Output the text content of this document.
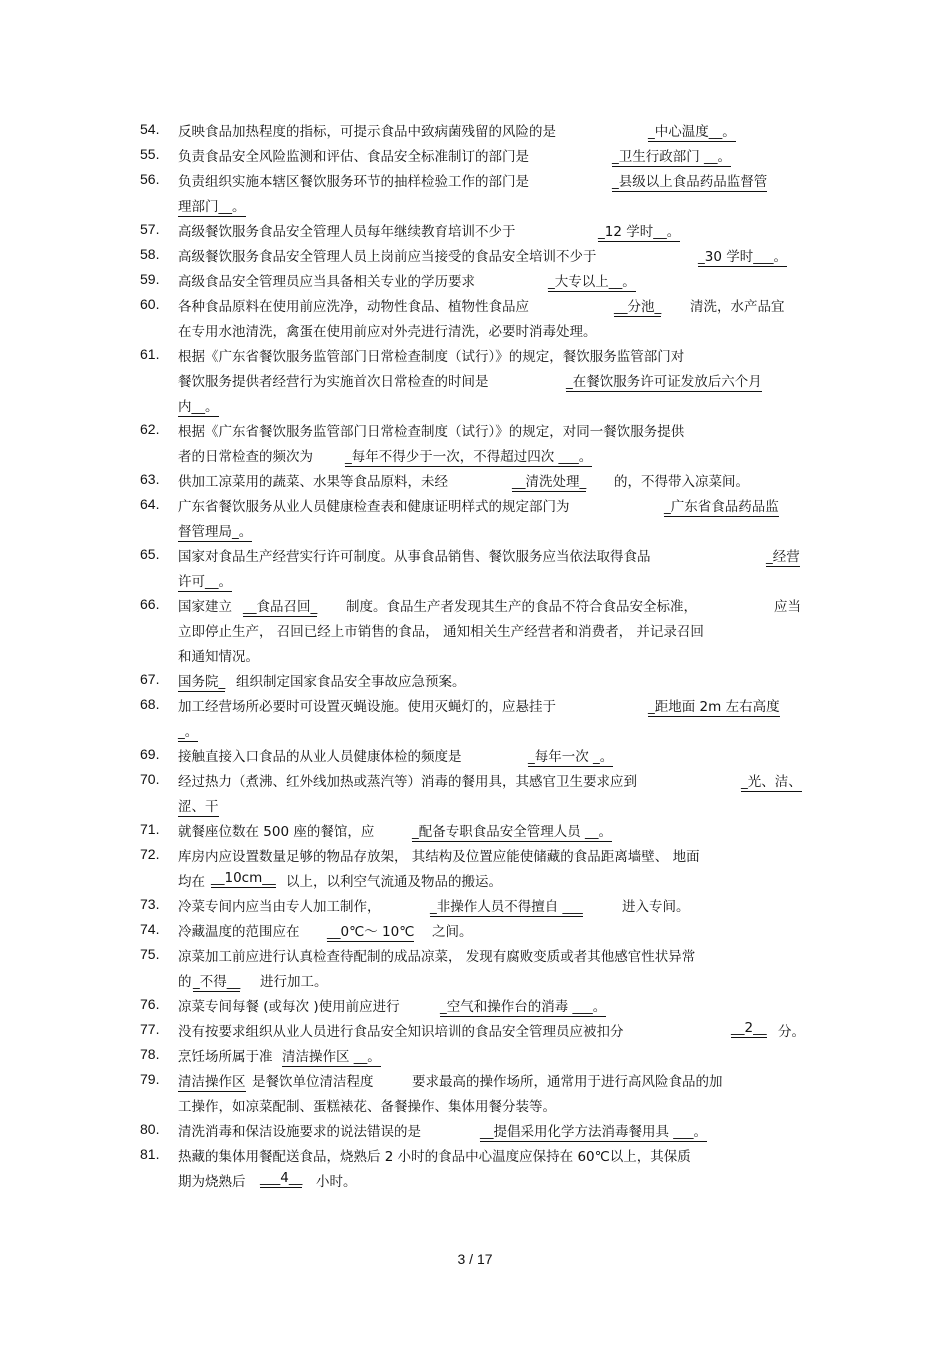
54.	反映食品加热程度的指标，可提示食品中致病菌残留的风险的是	_中心温度__。
55.	负责食品安全风险监测和评估、食品安全标准制订的部门是	_卫生行政部门 __。
56.	负责组织实施本辖区餐饮服务环节的抽样检验工作的部门是	_县级以上食品药品监督管
理部门__。
57.	高级餐饮服务食品安全管理人员每年继续教育培训不少于	_12 学时__。
58.	高级餐饮服务食品安全管理人员上岗前应当接受的食品安全培训不少于	_30 学时___。
59.	高级食品安全管理员应当具备相关专业的学历要求	_大专以上__。
60.	各种食品原料在使用前应洗净，动物性食品、植物性食品应	__分池_ 清洗，水产品宜
在专用水池清洗，禽蛋在使用前应对外壳进行清洗，必要时消毒处理。
61.	根据《广东省餐饮服务监管部门日常检查制度（试行）》的规定，餐饮服务监管部门对
餐饮服务提供者经营行为实施首次日常检查的时间是	_在餐饮服务许可证发放后六个月
内__。
62.	根据《广东省餐饮服务监管部门日常检查制度（试行）》的规定，对同一餐饮服务提供
者的日常检查的频次为 _每年不得少于一次，不得超过四次 ___。
63.	供加工凉菜用的蔬菜、水果等食品原料，未经	__清洗处理_ 的，不得带入凉菜间。
64.	广东省餐饮服务从业人员健康检查表和健康证明样式的规定部门为	_广东省食品药品监
督管理局_。
65.	国家对食品生产经营实行许可制度。从事食品销售、餐饮服务应当依法取得食品	_经营
许可__。
66.	国家建立 __食品召回_ 制度。食品生产者发现其生产的食品不符合食品安全标准，	应当
立即停止生产， 召回已经上市销售的食品， 通知相关生产经营者和消费者， 并记录召回
和通知情况。
67.	国务院_ 组织制定国家食品安全事故应急预案。
68.	加工经营场所必要时可设置灭蝇设施。使用灭蝇灯的，应悬挂于	_距地面 2m 左右高度
_。
69.	接触直接入口食品的从业人员健康体检的频度是	_每年一次 _。
70.	经过热力（煮沸、红外线加热或蒸汽等）消毒的餐用具，其感官卫生要求应到	_光、洁、
涩、干
71.	就餐座位数在 500 座的餐馆，应	_配备专职食品安全管理人员 __。
72.	库房内应设置数量足够的物品存放架， 其结构及位置应能使储藏的食品距离墙壁、 地面
均在 __10cm__ 以上，以利空气流通及物品的搬运。
73.	冷菜专间内应当由专人加工制作，	_非操作人员不得擅自 ___	进入专间。
74.	冷藏温度的范围应在 __0℃～ 10℃ 之间。
75.	凉菜加工前应进行认真检查待配制的成品凉菜， 发现有腐败变质或者其他感官性状异常
的 _不得__ 进行加工。
76.	凉菜专间每餐 (或每次 )使用前应进行	_空气和操作台的消毒 ___。
77.	没有按要求组织从业人员进行食品安全知识培训的食品安全管理员应被扣分	__2__ 分。
78.	烹饪场所属于准 清洁操作区 __。
79.	清洁操作区 是餐饮单位清洁程度	要求最高的操作场所，通常用于进行高风险食品的加
工操作，如凉菜配制、蛋糕裱花、备餐操作、集体用餐分装等。
80.	清洗消毒和保洁设施要求的说法错误的是	__提倡采用化学方法消毒餐用具 ___。
81.	热藏的集体用餐配送食品，烧熟后 2 小时的食品中心温度应保持在 60℃以上，其保质
期为烧熟后 ___4__ 小时。
3 / 17
